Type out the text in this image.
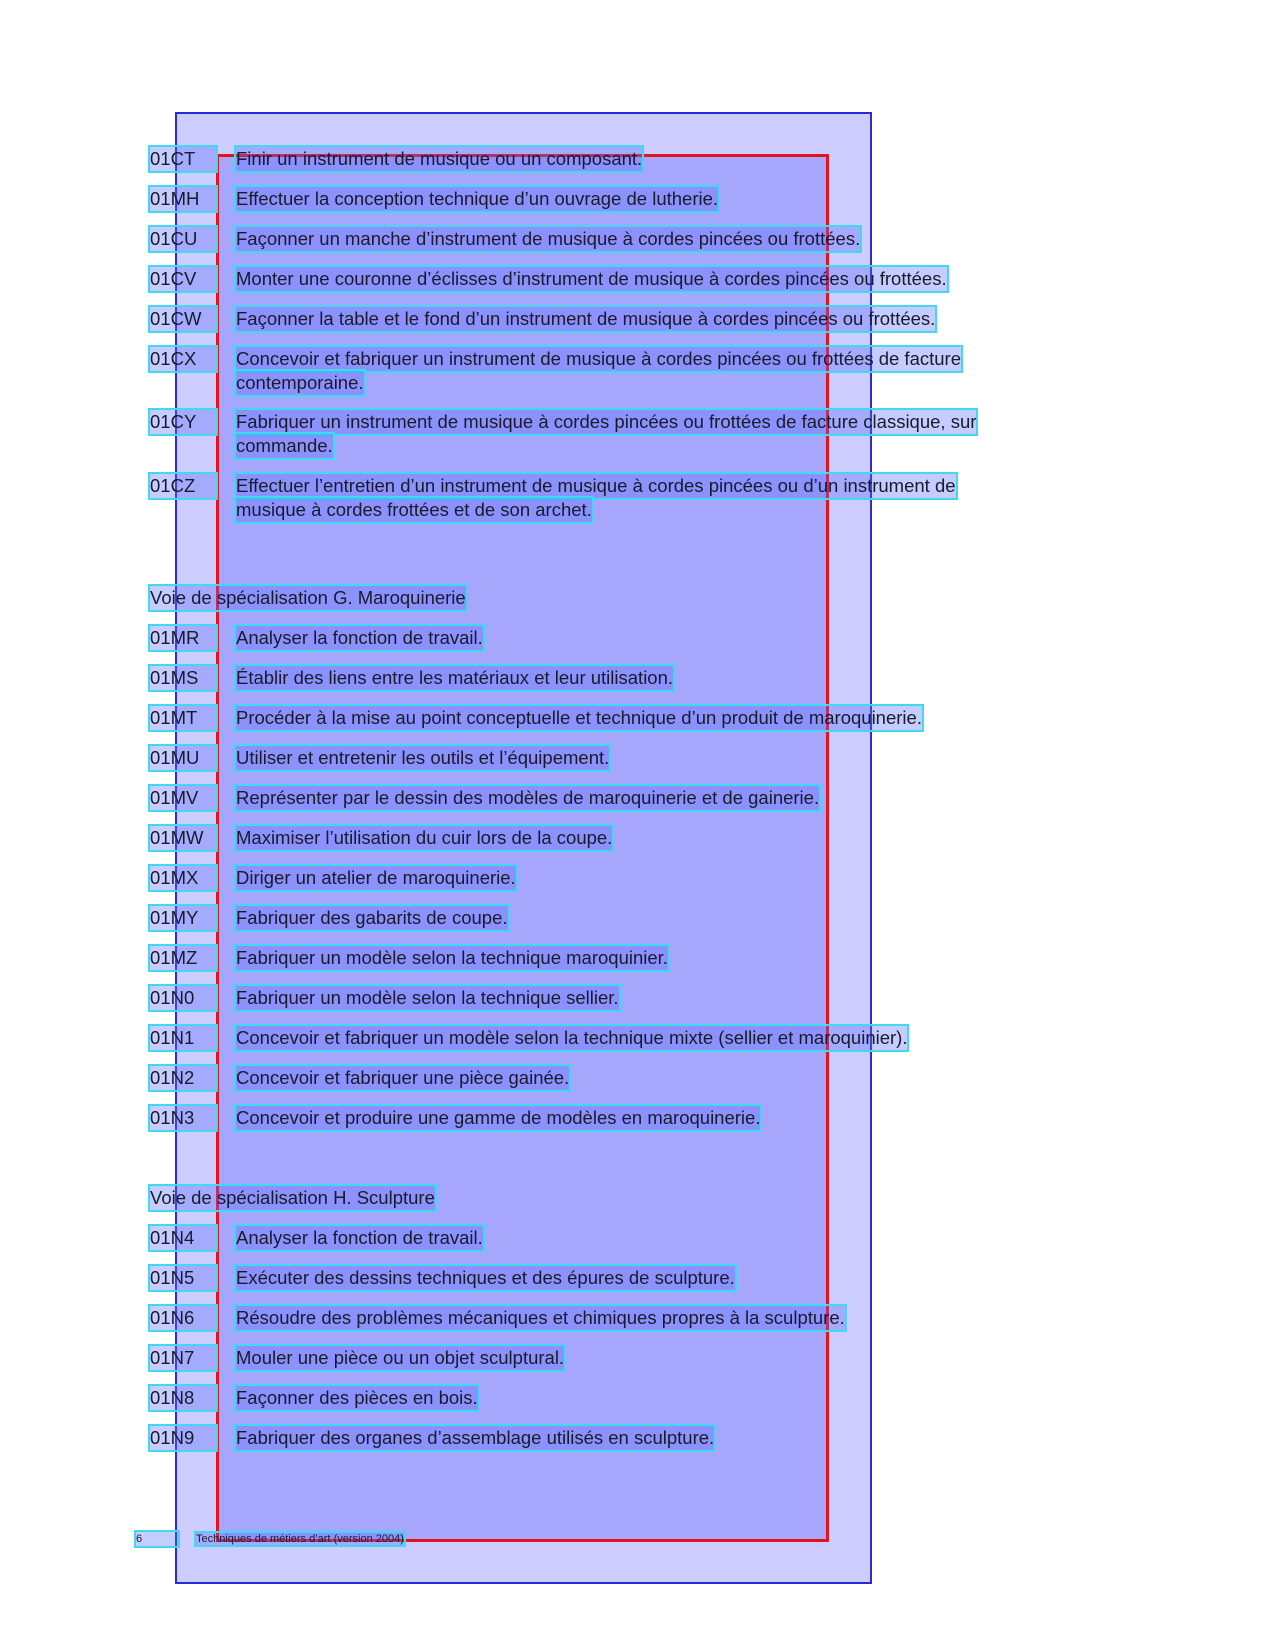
01CT	Finir un instrument de musique ou un composant.
01MH	Effectuer la conception technique d’un ouvrage de lutherie.
01CU	Façonner un manche d’instrument de musique à cordes pincées ou frottées.
01CV	Monter une couronne d’éclisses d’instrument de musique à cordes pincées ou frottées.
01CW	Façonner la table et le fond d’un instrument de musique à cordes pincées ou frottées.
01CX	Concevoir et fabriquer un instrument de musique à cordes pincées ou frottées de facture
contemporaine.
01CY	Fabriquer un instrument de musique à cordes pincées ou frottées de facture classique, sur
commande.
01CZ	Effectuer l’entretien d’un instrument de musique à cordes pincées ou d’un instrument de
musique à cordes frottées et de son archet.
Voie de spécialisation G. Maroquinerie
01MR	Analyser la fonction de travail.
01MS	Établir des liens entre les matériaux et leur utilisation.
01MT	Procéder à la mise au point conceptuelle et technique d’un produit de maroquinerie.
01MU	Utiliser et entretenir les outils et l’équipement.
01MV	Représenter par le dessin des modèles de maroquinerie et de gainerie.
01MW	Maximiser l’utilisation du cuir lors de la coupe.
01MX	Diriger un atelier de maroquinerie.
01MY	Fabriquer des gabarits de coupe.
01MZ	Fabriquer un modèle selon la technique maroquinier.
01N0	Fabriquer un modèle selon la technique sellier.
01N1	Concevoir et fabriquer un modèle selon la technique mixte (sellier et maroquinier).
01N2	Concevoir et fabriquer une pièce gainée.
01N3	Concevoir et produire une gamme de modèles en maroquinerie.
Voie de spécialisation H. Sculpture
01N4	Analyser la fonction de travail.
01N5	Exécuter des dessins techniques et des épures de sculpture.
01N6	Résoudre des problèmes mécaniques et chimiques propres à la sculpture.
01N7	Mouler une pièce ou un objet sculptural.
01N8	Façonner des pièces en bois.
01N9	Fabriquer des organes d’assemblage utilisés en sculpture.
6	Techniques de métiers d’art (version 2004)
